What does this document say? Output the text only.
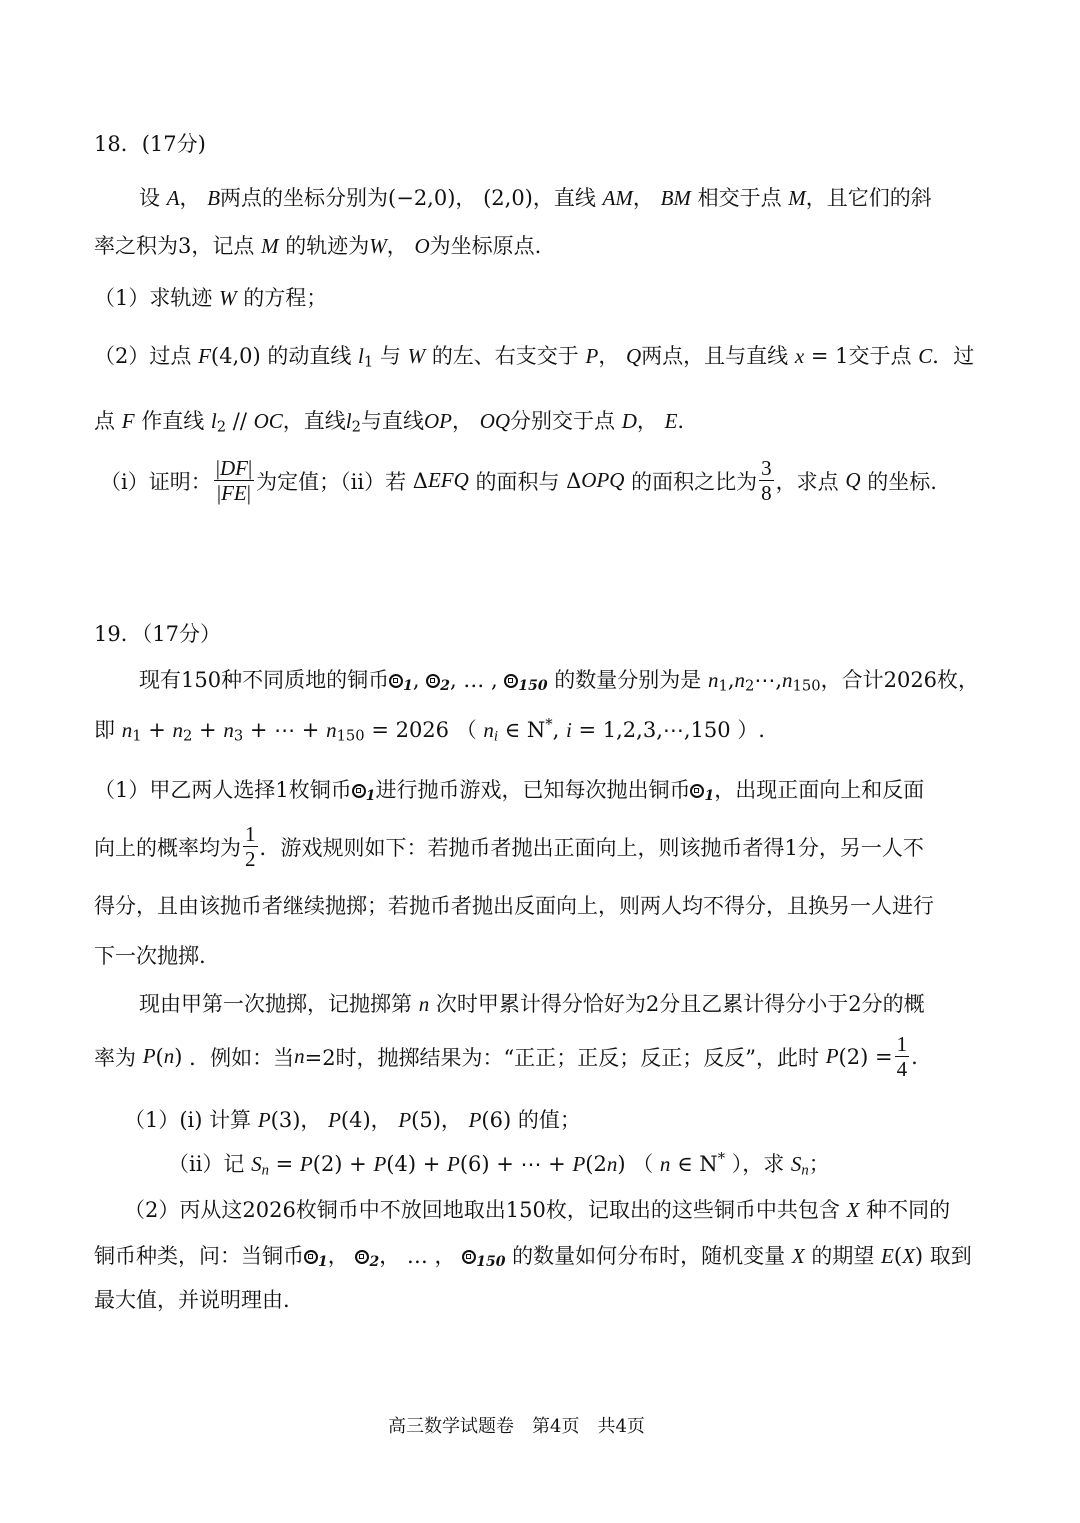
18．(17分)
设 A， B两点的坐标分别为(−2,0)， (2,0)，直线 AM， BM 相交于点 M，且它们的斜
率之积为3，记点 M 的轨迹为W， O为坐标原点.
（1）求轨迹 W 的方程；
（2）过点 F(4,0) 的动直线 $l_1$ 与 W 的左、右支交于 P， Q两点，且与直线 x = 1交于点 C．过
点 F 作直线 $l_2$ // OC，直线$l_2$与直线OP， OQ分别交于点 D， E.
（i）证明： $\frac{|DF|}{|FE|}$ 为定值；（ii）若 Δ EFQ
的面积与 Δ OPQ
的面积之比为 $\frac{3}{8}$ ，求点
Q
的坐标.
19．（17分）
现有150种不同质地的铜币 1, 2, … , 150 的数量分别为是 $n_1,n_2\cdots,n_{150}$，合计2026枚，
即 $n_1 + n_2 + n_3$ + ⋯ + $n_{150} = 2026$ （ $n_i$ ∈ N*, i = 1,2,3,⋯,150 ）.
（1）甲乙两人选择1枚铜币 1进行抛币游戏，已知每次抛出铜币 1，出现正面向上和反面
向上的概率均为 $\frac{1}{2}$ ．游戏规则如下：若抛币者抛出正面向上，则该抛币者得1分，另一人不
得分，且由该抛币者继续抛掷；若抛币者抛出反面向上，则两人均不得分，且换另一人进行
下一次抛掷.
现由甲第一次抛掷，记抛掷第 n 次时甲累计得分恰好为2分且乙累计得分小于2分的概
率为
P ( n ) ．例如：当 n =2时，抛掷结果为：“正正；正反；反正；反反”，此时
P $(2) = \frac{1}{4}$ .
（1）(i) 计算 P(3)， P(4)， P(5)， P(6) 的值；
（ii）记 $S_n = P(2) + P(4) + P(6)$ + ⋯ + P(2n) （ n ∈ N* ），求 $S_n$；
（2）丙从这2026枚铜币中不放回地取出150枚，记取出的这些铜币中共包含 X 种不同的
铜币种类，问：当铜币 1， 2， … ， 150 的数量如何分布时，随机变量 X 的期望 E(X) 取到
最大值，并说明理由.
高三数学试题卷　第4页　共4页
